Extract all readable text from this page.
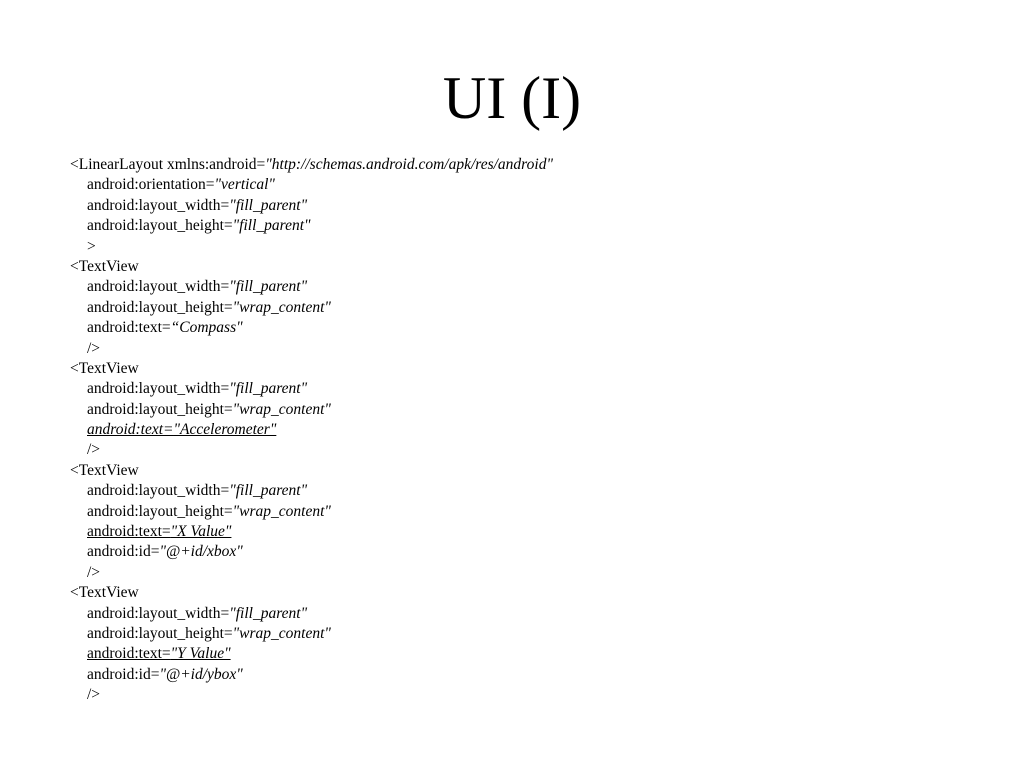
UI (I)
<LinearLayout xmlns:android="http://schemas.android.com/apk/res/android"
android:orientation="vertical"
android:layout_width="fill_parent"
android:layout_height="fill_parent"
>
<TextView
android:layout_width="fill_parent"
android:layout_height="wrap_content"
android:text=“Compass"
/>
<TextView
android:layout_width="fill_parent"
android:layout_height="wrap_content"
android:text="Accelerometer"
/>
<TextView
android:layout_width="fill_parent"
android:layout_height="wrap_content"
android:text="X Value"
android:id="@+id/xbox"
/>
<TextView
android:layout_width="fill_parent"
android:layout_height="wrap_content"
android:text="Y Value"
android:id="@+id/ybox"
/>
